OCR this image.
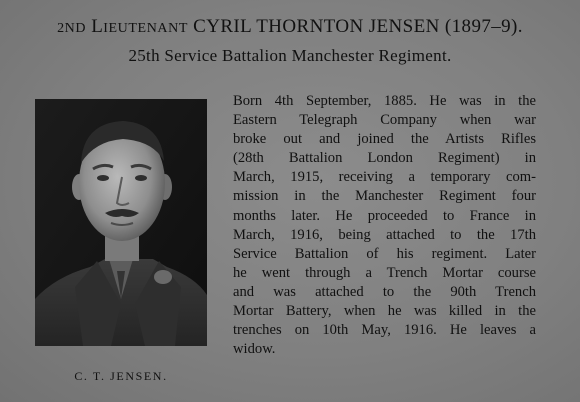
2ND LIEUTENANT CYRIL THORNTON JENSEN (1897–9).
25th Service Battalion Manchester Regiment.
C. T. JENSEN.
Born 4th September, 1885. He was in the
Eastern Telegraph Company when war
broke out and joined the Artists Rifles
(28th Battalion London Regiment) in
March, 1915, receiving a temporary com-
mission in the Manchester Regiment four
months later. He proceeded to France in
March, 1916, being attached to the 17th
Service Battalion of his regiment. Later
he went through a Trench Mortar course
and was attached to the 90th Trench
Mortar Battery, when he was killed in the
trenches on 10th May, 1916. He leaves a
widow.
